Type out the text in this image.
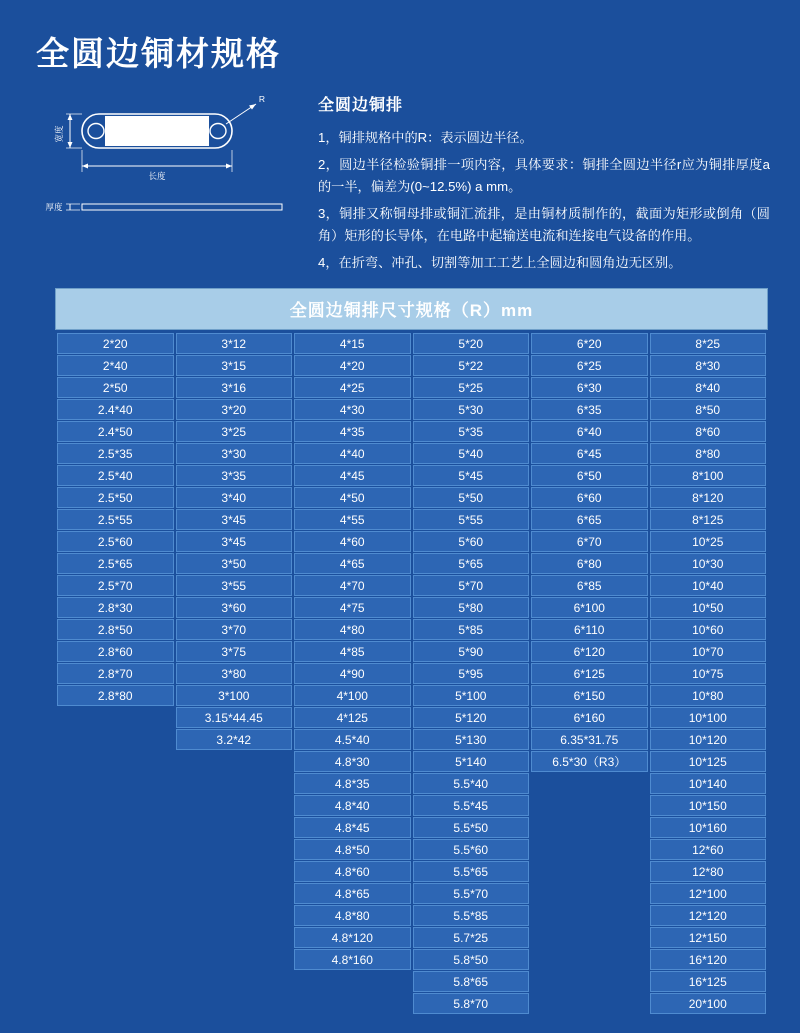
全圆边铜材规格
宽度
长度
厚度
R	全圆边铜排

1，铜排规格中的R：表示圆边半径。

2，圆边半径检验铜排一项内容，具体要求：铜排全圆边半径r应为铜排厚度a的一半，偏差为(0~12.5%) a mm。

3，铜排又称铜母排或铜汇流排，是由铜材质制作的，截面为矩形或倒角（圆角）矩形的长导体，在电路中起输送电流和连接电气设备的作用。

4，在折弯、冲孔、切割等加工工艺上全圆边和圆角边无区别。

全圆边铜排尺寸规格（R）mm
2*20	3*12	4*15	5*20	6*20	8*25
2*40	3*15	4*20	5*22	6*25	8*30
2*50	3*16	4*25	5*25	6*30	8*40
2.4*40	3*20	4*30	5*30	6*35	8*50
2.4*50	3*25	4*35	5*35	6*40	8*60
2.5*35	3*30	4*40	5*40	6*45	8*80
2.5*40	3*35	4*45	5*45	6*50	8*100
2.5*50	3*40	4*50	5*50	6*60	8*120
2.5*55	3*45	4*55	5*55	6*65	8*125
2.5*60	3*45	4*60	5*60	6*70	10*25
2.5*65	3*50	4*65	5*65	6*80	10*30
2.5*70	3*55	4*70	5*70	6*85	10*40
2.8*30	3*60	4*75	5*80	6*100	10*50
2.8*50	3*70	4*80	5*85	6*110	10*60
2.8*60	3*75	4*85	5*90	6*120	10*70
2.8*70	3*80	4*90	5*95	6*125	10*75
2.8*80	3*100	4*100	5*100	6*150	10*80
	3.15*44.45	4*125	5*120	6*160	10*100
	3.2*42	4.5*40	5*130	6.35*31.75	10*120
		4.8*30	5*140	6.5*30（R3）	10*125
		4.8*35	5.5*40		10*140
		4.8*40	5.5*45		10*150
		4.8*45	5.5*50		10*160
		4.8*50	5.5*60		12*60
		4.8*60	5.5*65		12*80
		4.8*65	5.5*70		12*100
		4.8*80	5.5*85		12*120
		4.8*120	5.7*25		12*150
		4.8*160	5.8*50		16*120
			5.8*65		16*125
			5.8*70		20*100
